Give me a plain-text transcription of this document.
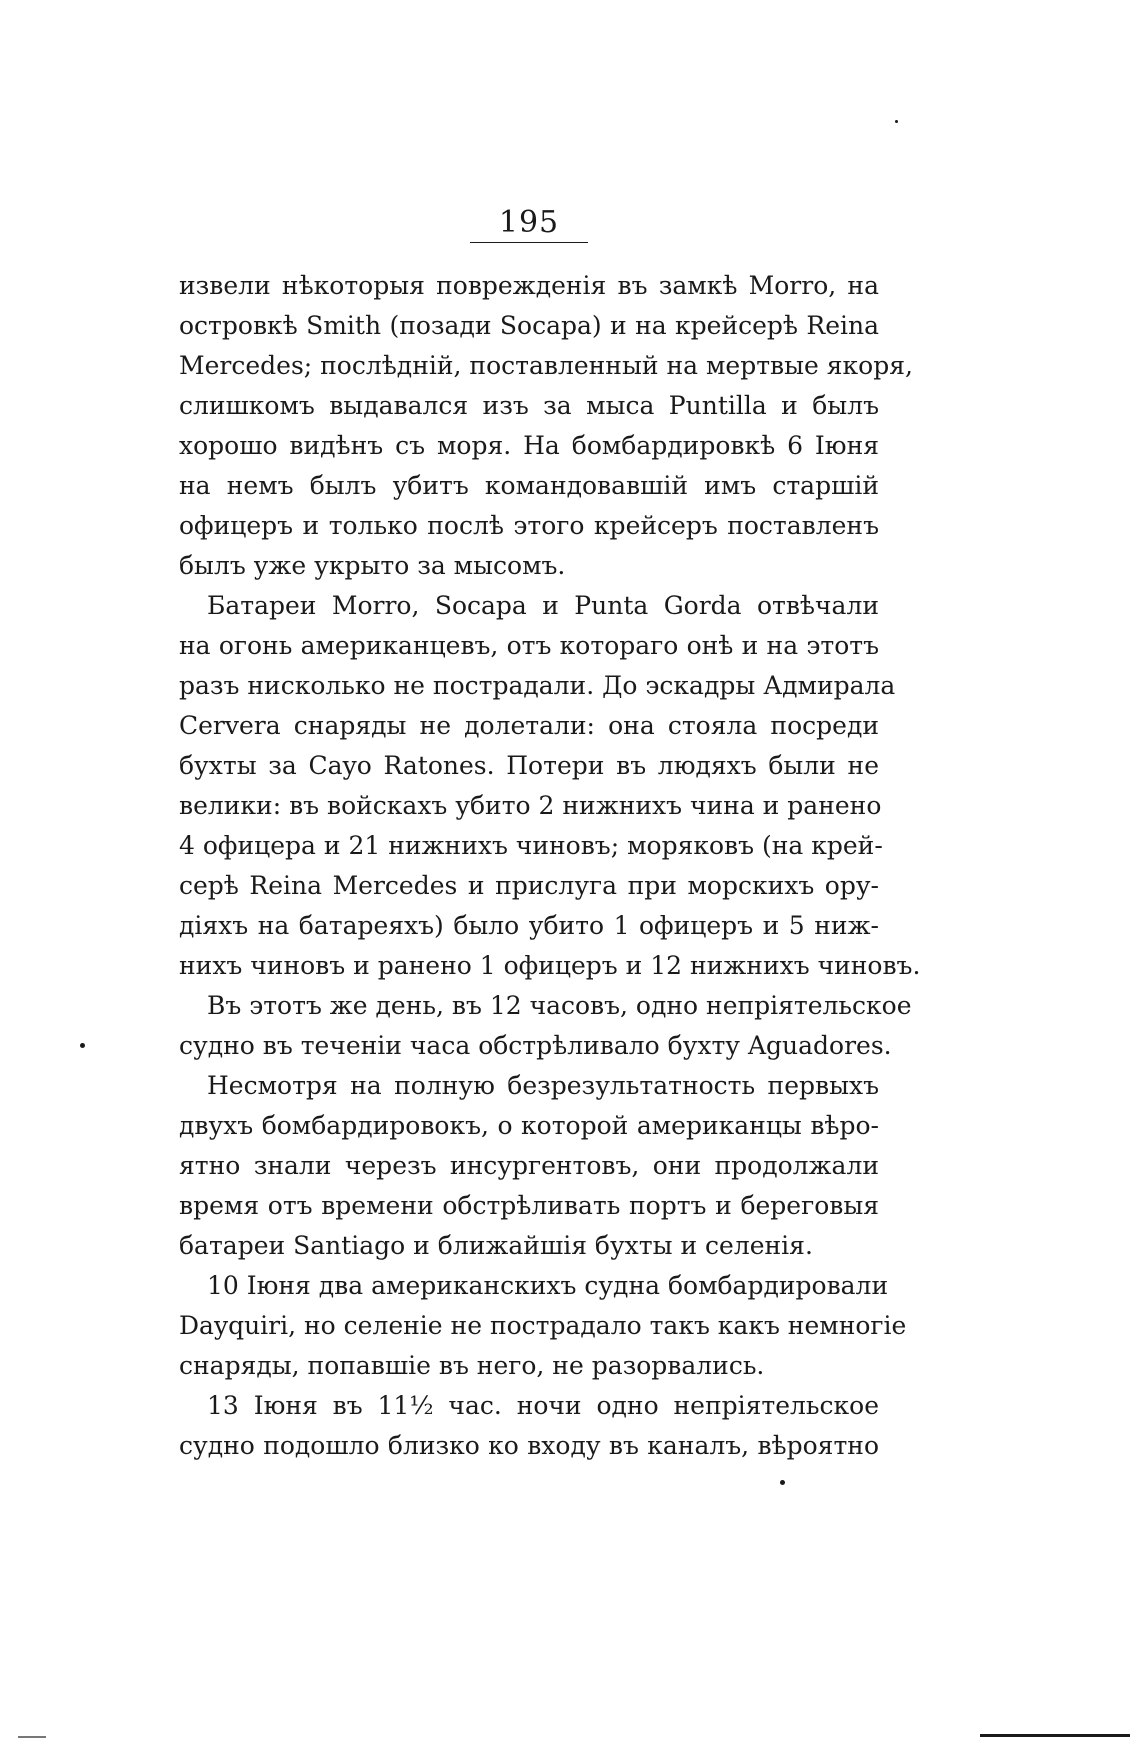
195
извели нѣкоторыя поврежденія въ замкѣ Morro, на
островкѣ Smith (позади Socapa) и на крейсерѣ Reina
Mercedes; послѣдній, поставленный на мертвые якоря,
слишкомъ выдавался изъ за мыса Puntilla и былъ
хорошо видѣнъ съ моря. На бомбардировкѣ 6 Іюня
на немъ былъ убитъ командовавшій имъ старшій
офицеръ и только послѣ этого крейсеръ поставленъ
былъ уже укрыто за мысомъ.
Батареи Morro, Socapa и Punta Gorda отвѣчали
на огонь американцевъ, отъ котораго онѣ и на этотъ
разъ нисколько не пострадали. До эскадры Адмирала
Cervera снаряды не долетали: она стояла посреди
бухты за Cayo Ratones. Потери въ людяхъ были не
велики: въ войскахъ убито 2 нижнихъ чина и ранено
4 офицера и 21 нижнихъ чиновъ; моряковъ (на крей-
серѣ Reina Mercedes и прислуга при морскихъ ору-
діяхъ на батареяхъ) было убито 1 офицеръ и 5 ниж-
нихъ чиновъ и ранено 1 офицеръ и 12 нижнихъ чиновъ.
Въ этотъ же день, въ 12 часовъ, одно непріятельское
судно въ теченіи часа обстрѣливало бухту Aguadores.
Несмотря на полную безрезультатность первыхъ
двухъ бомбардировокъ, о которой американцы вѣро-
ятно знали черезъ инсургентовъ, они продолжали
время отъ времени обстрѣливать портъ и береговыя
батареи Santiago и ближайшія бухты и селенія.
10 Іюня два американскихъ судна бомбардировали
Dayquiri, но селеніе не пострадало такъ какъ немногіе
снаряды, попавшіе въ него, не разорвались.
13 Іюня въ 11½ час. ночи одно непріятельское
судно подошло близко ко входу въ каналъ, вѣроятно
